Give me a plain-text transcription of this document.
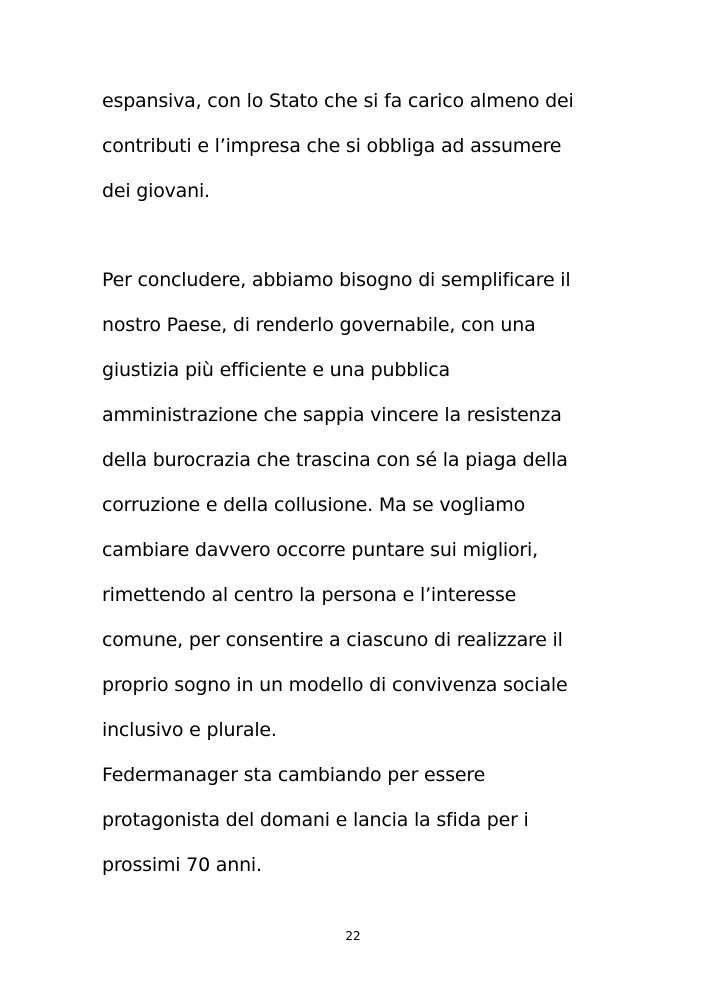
espansiva, con lo Stato che si fa carico almeno dei
contributi e l’impresa che si obbliga ad assumere
dei giovani.
Per concludere, abbiamo bisogno di semplificare il
nostro Paese, di renderlo governabile, con una
giustizia più efficiente e una pubblica
amministrazione che sappia vincere la resistenza
della burocrazia che trascina con sé la piaga della
corruzione e della collusione. Ma se vogliamo
cambiare davvero occorre puntare sui migliori,
rimettendo al centro la persona e l’interesse
comune, per consentire a ciascuno di realizzare il
proprio sogno in un modello di convivenza sociale
inclusivo e plurale.
Federmanager sta cambiando per essere
protagonista del domani e lancia la sfida per i
prossimi 70 anni.
22
